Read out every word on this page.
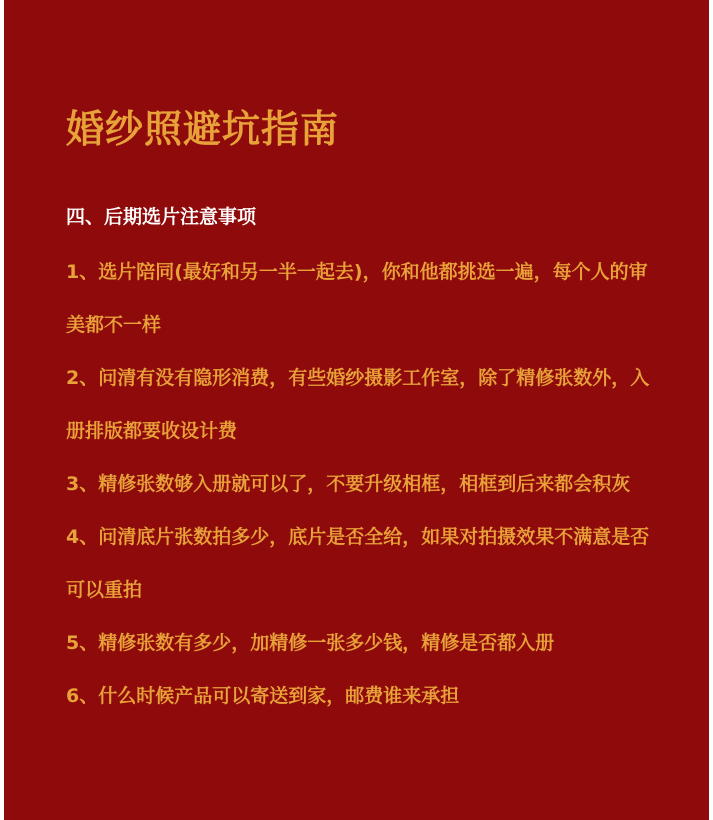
婚纱照避坑指南
四、后期选片注意事项
1、选片陪同(最好和另一半一起去)，你和他都挑选一遍，每个人的审美都不一样
2、问清有没有隐形消费，有些婚纱摄影工作室，除了精修张数外，入册排版都要收设计费
3、精修张数够入册就可以了，不要升级相框，相框到后来都会积灰
4、问清底片张数拍多少，底片是否全给，如果对拍摄效果不满意是否可以重拍
5、精修张数有多少，加精修一张多少钱，精修是否都入册
6、什么时候产品可以寄送到家，邮费谁来承担
